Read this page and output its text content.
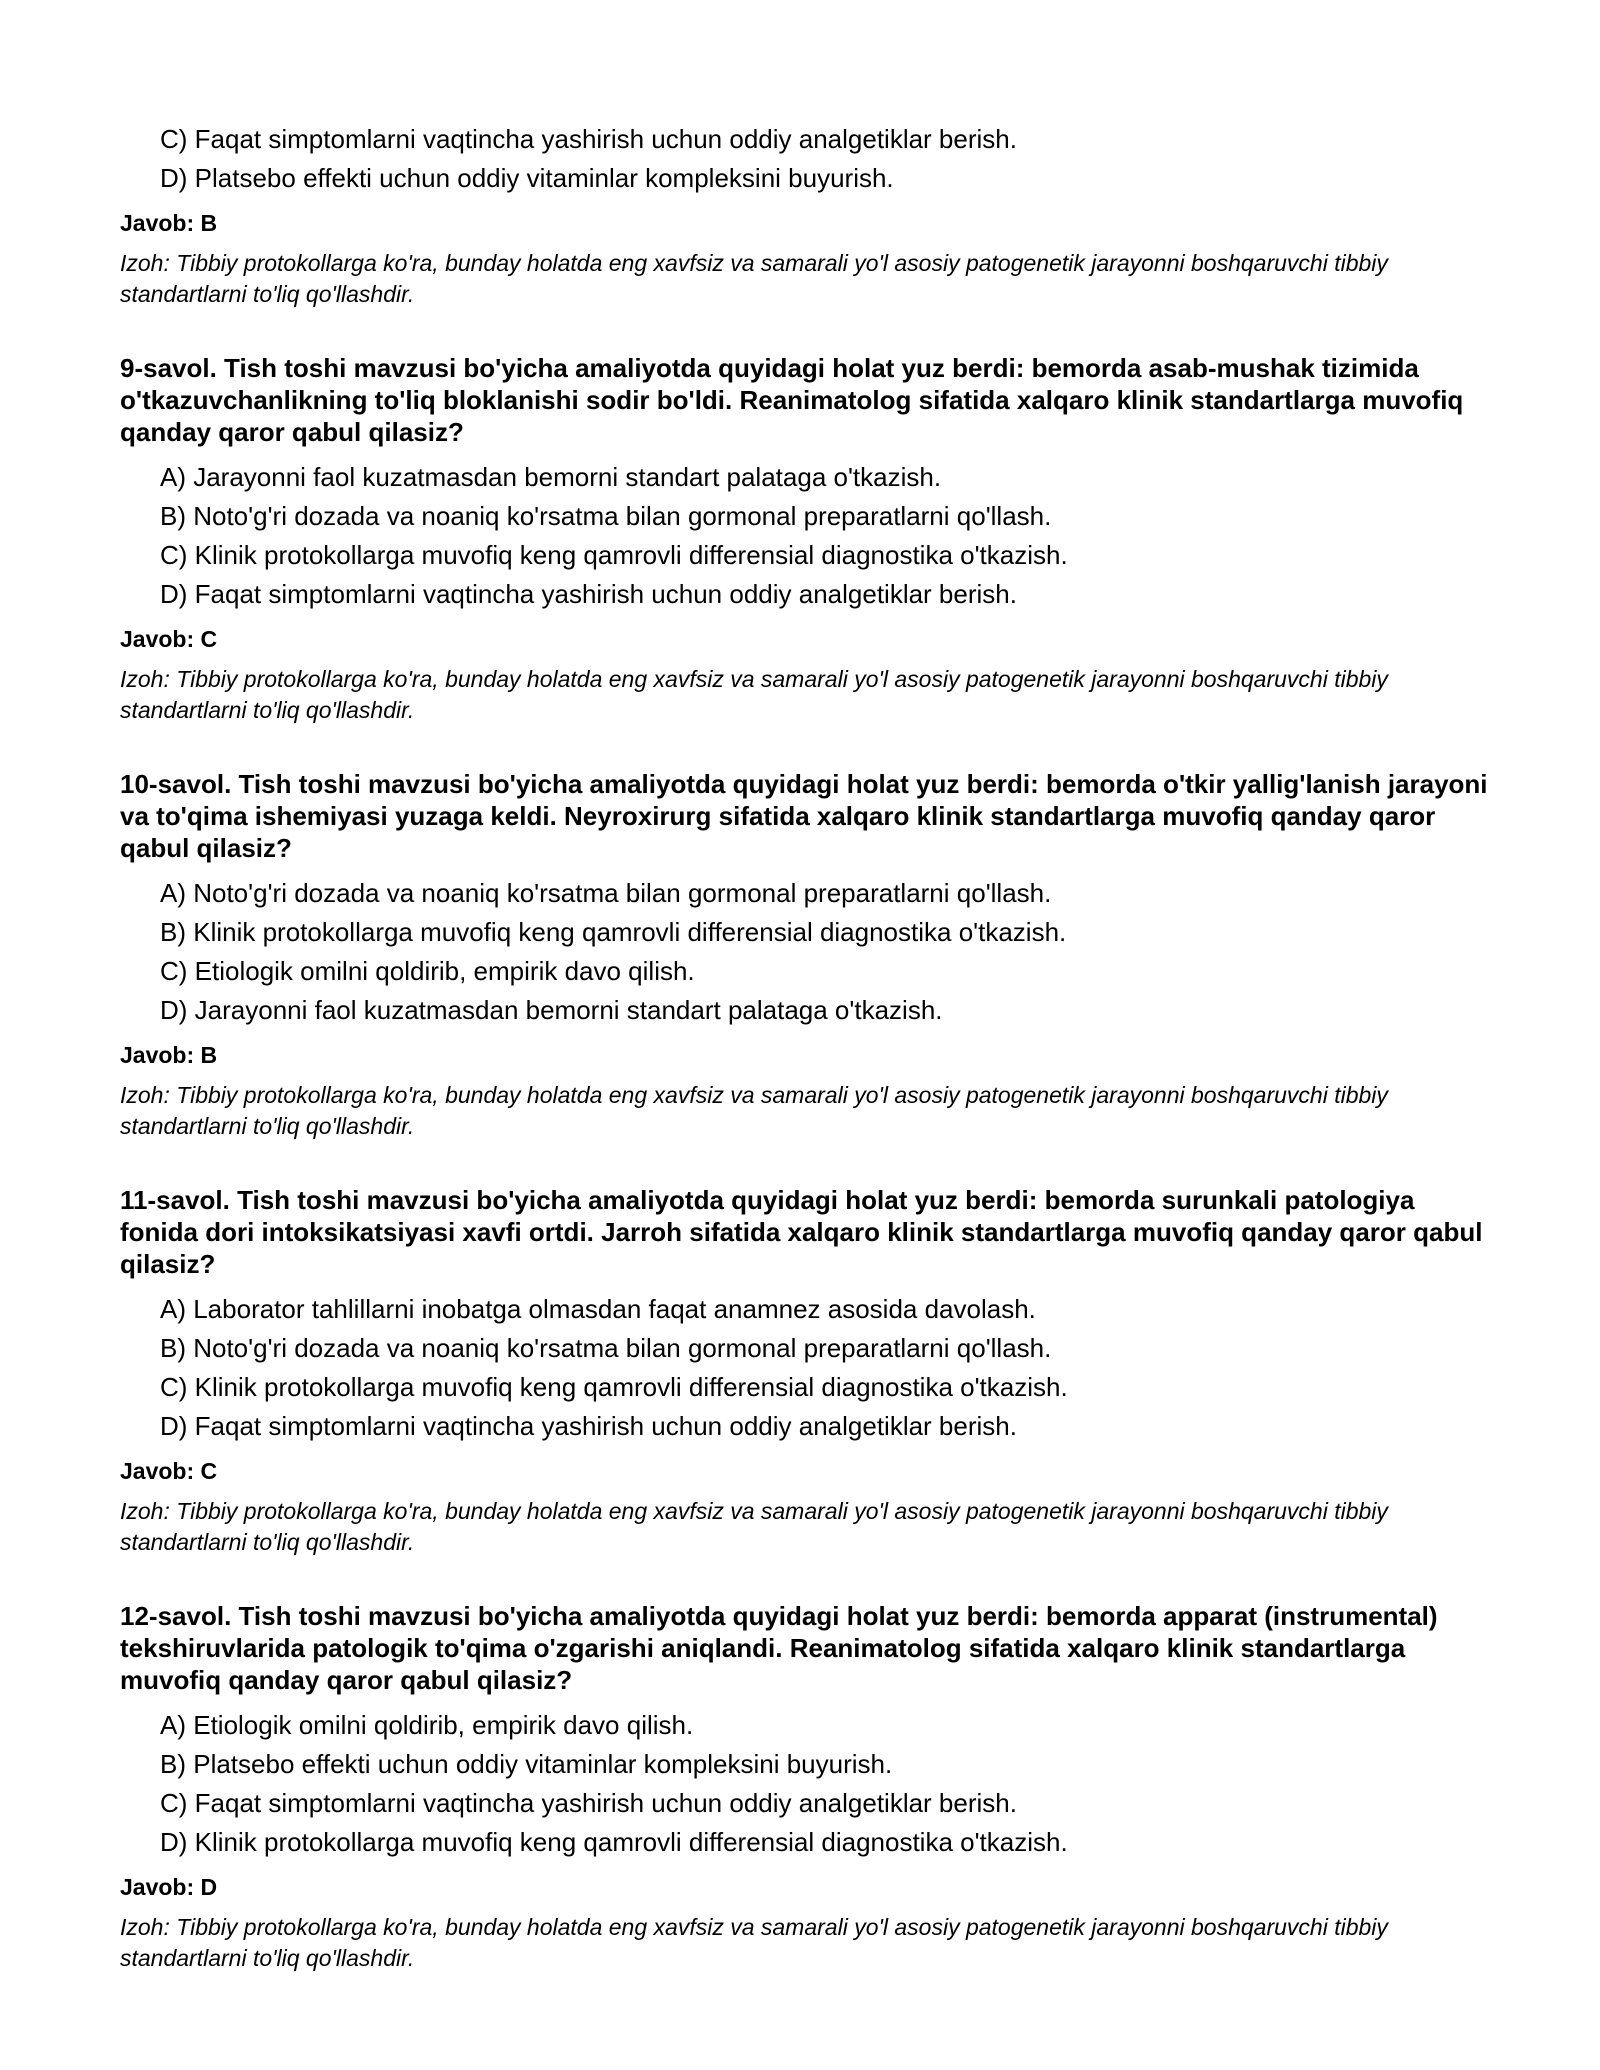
C) Faqat simptomlarni vaqtincha yashirish uchun oddiy analgetiklar berish.
D) Platsebo effekti uchun oddiy vitaminlar kompleksini buyurish.
Javob: B
Izoh: Tibbiy protokollarga ko'ra, bunday holatda eng xavfsiz va samarali yo'l asosiy patogenetik jarayonni boshqaruvchi tibbiy standartlarni to'liq qo'llashdir.
9-savol. Tish toshi mavzusi bo'yicha amaliyotda quyidagi holat yuz berdi: bemorda asab-mushak tizimida o'tkazuvchanlikning to'liq bloklanishi sodir bo'ldi. Reanimatolog sifatida xalqaro klinik standartlarga muvofiq qanday qaror qabul qilasiz?
A) Jarayonni faol kuzatmasdan bemorni standart palataga o'tkazish.
B) Noto'g'ri dozada va noaniq ko'rsatma bilan gormonal preparatlarni qo'llash.
C) Klinik protokollarga muvofiq keng qamrovli differensial diagnostika o'tkazish.
D) Faqat simptomlarni vaqtincha yashirish uchun oddiy analgetiklar berish.
Javob: C
Izoh: Tibbiy protokollarga ko'ra, bunday holatda eng xavfsiz va samarali yo'l asosiy patogenetik jarayonni boshqaruvchi tibbiy standartlarni to'liq qo'llashdir.
10-savol. Tish toshi mavzusi bo'yicha amaliyotda quyidagi holat yuz berdi: bemorda o'tkir yallig'lanish jarayoni va to'qima ishemiyasi yuzaga keldi. Neyroxirurg sifatida xalqaro klinik standartlarga muvofiq qanday qaror qabul qilasiz?
A) Noto'g'ri dozada va noaniq ko'rsatma bilan gormonal preparatlarni qo'llash.
B) Klinik protokollarga muvofiq keng qamrovli differensial diagnostika o'tkazish.
C) Etiologik omilni qoldirib, empirik davo qilish.
D) Jarayonni faol kuzatmasdan bemorni standart palataga o'tkazish.
Javob: B
Izoh: Tibbiy protokollarga ko'ra, bunday holatda eng xavfsiz va samarali yo'l asosiy patogenetik jarayonni boshqaruvchi tibbiy standartlarni to'liq qo'llashdir.
11-savol. Tish toshi mavzusi bo'yicha amaliyotda quyidagi holat yuz berdi: bemorda surunkali patologiya fonida dori intoksikatsiyasi xavfi ortdi. Jarroh sifatida xalqaro klinik standartlarga muvofiq qanday qaror qabul qilasiz?
A) Laborator tahlillarni inobatga olmasdan faqat anamnez asosida davolash.
B) Noto'g'ri dozada va noaniq ko'rsatma bilan gormonal preparatlarni qo'llash.
C) Klinik protokollarga muvofiq keng qamrovli differensial diagnostika o'tkazish.
D) Faqat simptomlarni vaqtincha yashirish uchun oddiy analgetiklar berish.
Javob: C
Izoh: Tibbiy protokollarga ko'ra, bunday holatda eng xavfsiz va samarali yo'l asosiy patogenetik jarayonni boshqaruvchi tibbiy standartlarni to'liq qo'llashdir.
12-savol. Tish toshi mavzusi bo'yicha amaliyotda quyidagi holat yuz berdi: bemorda apparat (instrumental) tekshiruvlarida patologik to'qima o'zgarishi aniqlandi. Reanimatolog sifatida xalqaro klinik standartlarga muvofiq qanday qaror qabul qilasiz?
A) Etiologik omilni qoldirib, empirik davo qilish.
B) Platsebo effekti uchun oddiy vitaminlar kompleksini buyurish.
C) Faqat simptomlarni vaqtincha yashirish uchun oddiy analgetiklar berish.
D) Klinik protokollarga muvofiq keng qamrovli differensial diagnostika o'tkazish.
Javob: D
Izoh: Tibbiy protokollarga ko'ra, bunday holatda eng xavfsiz va samarali yo'l asosiy patogenetik jarayonni boshqaruvchi tibbiy standartlarni to'liq qo'llashdir.
